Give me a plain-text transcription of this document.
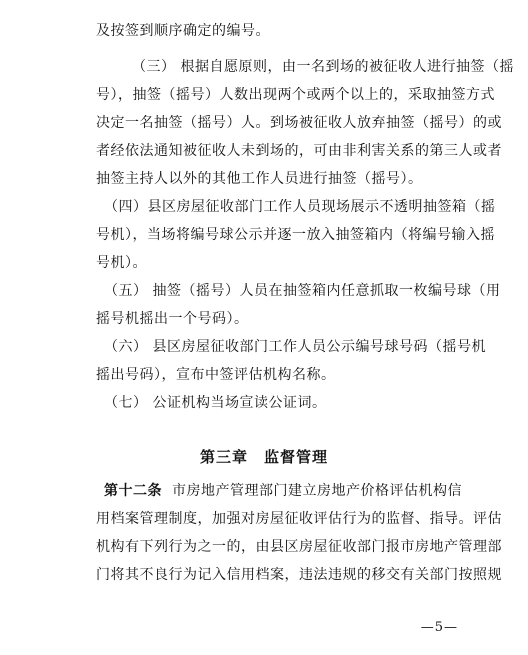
及按签到顺序确定的编号。
（三） 根据自愿原则，由一名到场的被征收人进行抽签（摇
号），抽签（摇号）人数出现两个或两个以上的，采取抽签方式
决定一名抽签（摇号）人。到场被征收人放弃抽签（摇号）的或
者经依法通知被征收人未到场的，可由非利害关系的第三人或者
抽签主持人以外的其他工作人员进行抽签（摇号）。
（四）县区房屋征收部门工作人员现场展示不透明抽签箱（摇
号机），当场将编号球公示并逐一放入抽签箱内（将编号输入摇
号机）。
（五） 抽签（摇号）人员在抽签箱内任意抓取一枚编号球（用
摇号机摇出一个号码）。
（六） 县区房屋征收部门工作人员公示编号球号码（摇号机
摇出号码），宣布中签评估机构名称。
（七） 公证机构当场宣读公证词。
第三章　监督管理
第十二条 市房地产管理部门建立房地产价格评估机构信
用档案管理制度，加强对房屋征收评估行为的监督、指导。评估
机构有下列行为之一的，由县区房屋征收部门报市房地产管理部
门将其不良行为记入信用档案，违法违规的移交有关部门按照规
—5—
